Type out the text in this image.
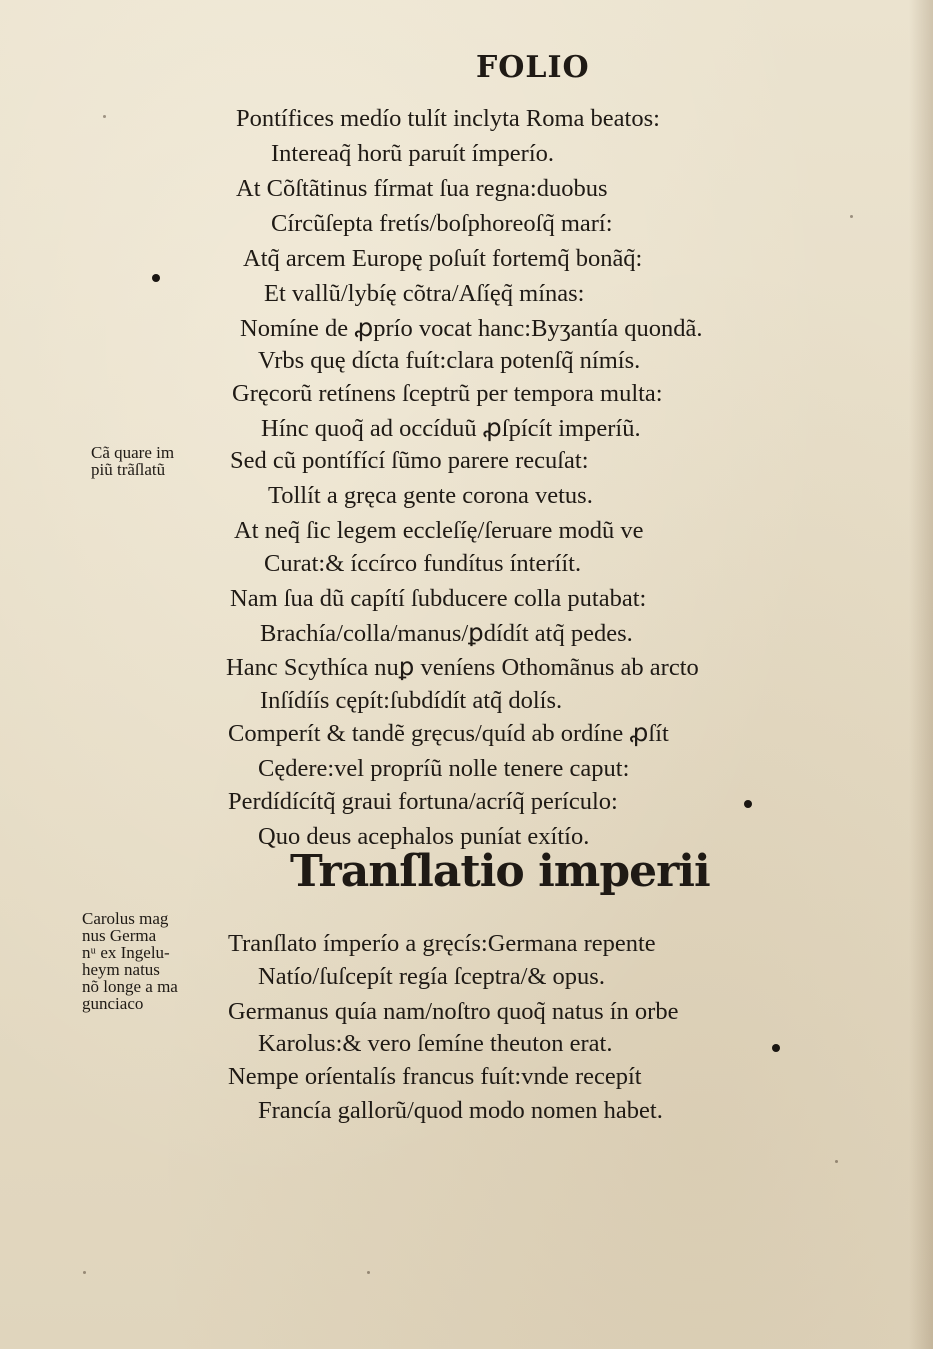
FOLIO
Pontífices medío tulít inclyta Roma beatos:
Intereaq̃ horũ paruít ímperío.
At Cõſtãtinus fírmat ſua regna:duobus
Círcũſepta fretís/boſphoreoſq̃ marí:
Atq̃ arcem Europę poſuít fortemq̃ bonãq̃:
Et vallũ/lybíę cõtra/Aſíęq̃ mínas:
Nomíne de ꝓprío vocat hanc:Byʒantía quondã.
Vrbs quę dícta fuít:clara potenſq̃ nímís.
Gręcorũ retínens ſceptrũ per tempora multa:
Hínc quoq̃ ad occíduũ ꝓſpícít imperíũ.
Sed cũ pontífící ſũmo parere recuſat:
Tollít a gręca gente corona vetus.
At neq̃ ſic legem eccleſíę/ſeruare modũ ve
Curat:& íccírco fundítus ínteríít.
Nam ſua dũ capítí ſubducere colla putabat:
Brachía/colla/manus/ꝑdídít atq̃ pedes.
Hanc Scythíca nuꝑ veníens Othomãnus ab arcto
Inſídíís cępít:ſubdídít atq̃ dolís.
Comperít & tandẽ gręcus/quíd ab ordíne ꝓſít
Cędere:vel propríũ nolle tenere caput:
Perdídícítq̃ graui fortuna/acríq̃ perículo:
Quo deus acephalos puníat exítío.
Tranſlatio imperii
Tranſlato ímperío a gręcís:Germana repente
Natío/ſuſcepít regía ſceptra/& opus.
Germanus quía nam/noſtro quoq̃ natus ín orbe
Karolus:& vero ſemíne theuton erat.
Nempe oríentalís francus fuít:vnde recepít
Francía gallorũ/quod modo nomen habet.
Cã quare im
piũ trãſlatũ
Carolus mag
nus Germa
nᵘ ex Ingelu-
heym natus
nõ longe a ma
gunciaco
